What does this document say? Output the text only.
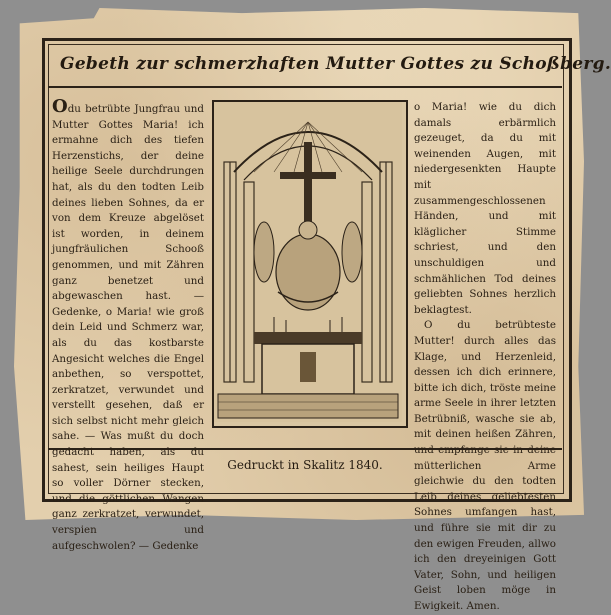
Gebeth zur schmerzhaften Mutter Gottes zu Schoßberg.

Odu betrübte Jungfrau und Mutter Gottes Maria! ich ermahne dich des tiefen Herzenstichs, der deine heilige Seele durchdrungen hat, als du den todten Leib deines lieben Sohnes, da er von dem Kreuze abgelöset ist worden, in deinem jungfräulichen Schooß genommen, und mit Zähren ganz benetzet und abgewaschen hast. — Gedenke, o Maria! wie groß dein Leid und Schmerz war, als du das kostbarste Angesicht welches die Engel anbethen, so verspottet, zerkratzet, verwundet und verstellt gesehen, daß er sich selbst nicht mehr gleich sahe. — Was mußt du doch gedacht haben, als du sahest, sein heiliges Haupt so voller Dörner stecken, und die göttlichen Wangen ganz zerkratzet, verwundet, verspien und aufgeschwolen? — Gedenke

o Maria! wie du dich damals erbärmlich gezeuget, da du mit weinenden Augen, mit niedergesenkten Haupte mit zusammengeschlossenen Händen, und mit kläglicher Stimme schriest, und den unschuldigen und schmählichen Tod deines geliebten Sohnes herzlich beklagtest.

O du betrübteste Mutter! durch alles das Klage, und Herzenleid, dessen ich dich erinnere, bitte ich dich, tröste meine arme Seele in ihrer letzten Betrübniß, wasche sie ab, mit deinen heißen Zähren, und empfange sie in deine mütterlichen Arme gleichwie du den todten Leib deines geliebtesten Sohnes umfangen hast, und führe sie mit dir zu den ewigen Freuden, allwo ich den dreyeinigen Gott Vater, Sohn, und heiligen Geist loben möge in Ewigkeit. Amen.

Gedruckt in Skalitz 1840.
